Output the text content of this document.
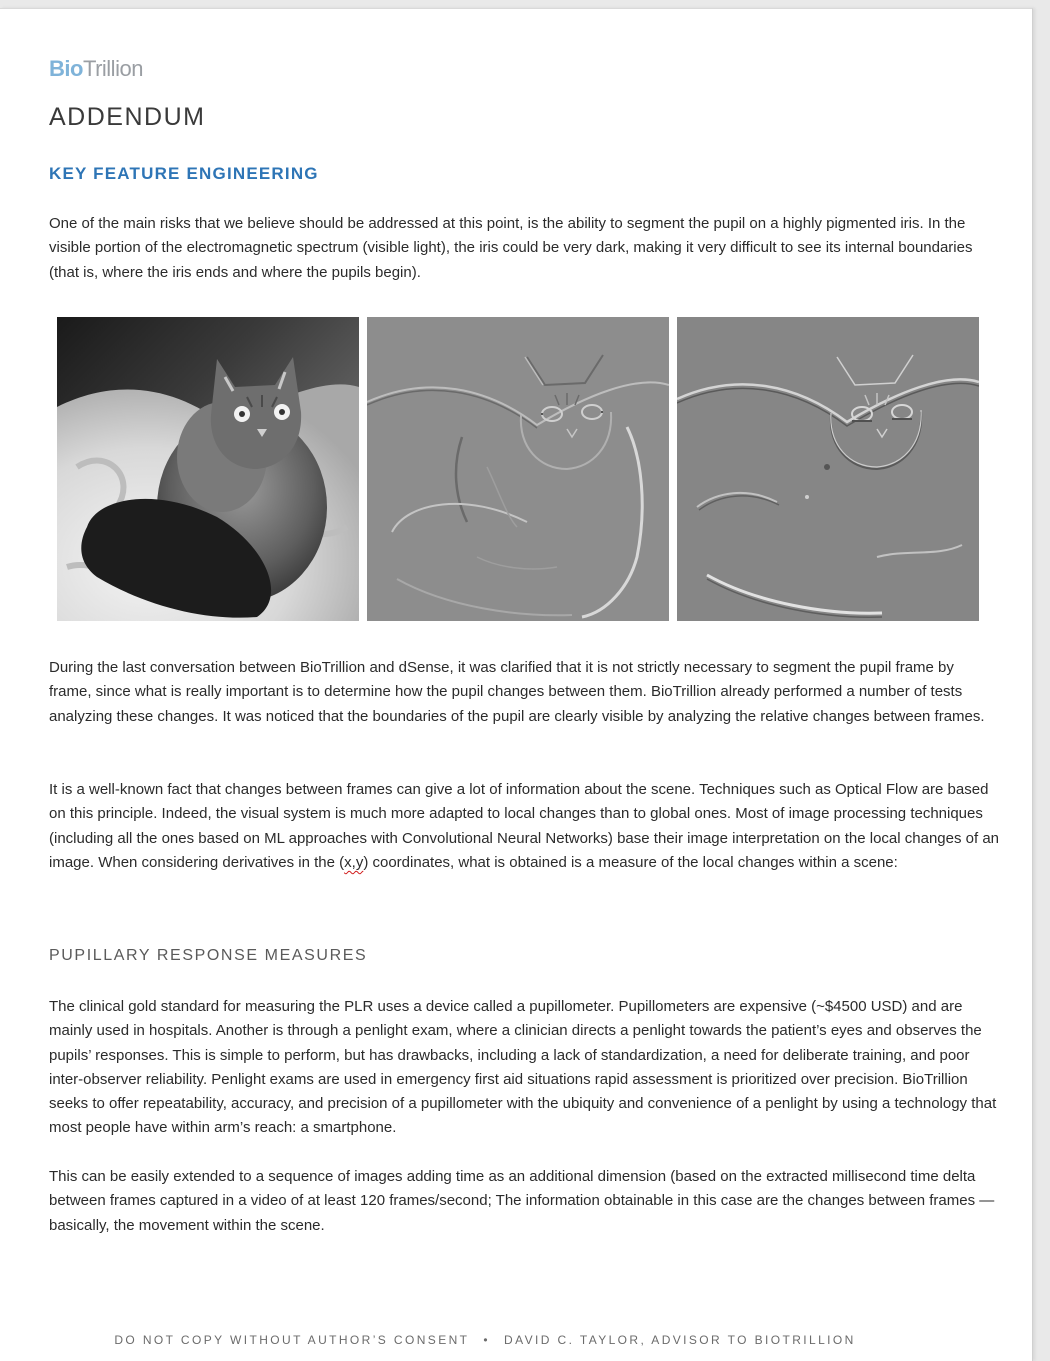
BioTrillion
ADDENDUM
KEY FEATURE ENGINEERING
One of the main risks that we believe should be addressed at this point, is the ability to segment the pupil on a highly pigmented iris. In the visible portion of the electromagnetic spectrum (visible light), the iris could be very dark, making it very difficult to see its internal boundaries (that is, where the iris ends and where the pupils begin).
During the last conversation between BioTrillion and dSense, it was clarified that it is not strictly necessary to segment the pupil frame by frame, since what is really important is to determine how the pupil changes between them. BioTrillion already performed a number of tests analyzing these changes. It was noticed that the boundaries of the pupil are clearly visible by analyzing the relative changes between frames.
It is a well-known fact that changes between frames can give a lot of information about the scene. Techniques such as Optical Flow are based on this principle. Indeed, the visual system is much more adapted to local changes than to global ones. Most of image processing techniques (including all the ones based on ML approaches with Convolutional Neural Networks) base their image interpretation on the local changes of an image. When considering derivatives in the (x,y) coordinates, what is obtained is a measure of the local changes within a scene:
PUPILLARY RESPONSE MEASURES
The clinical gold standard for measuring the PLR uses a device called a pupillometer. Pupillometers are expensive (~$4500 USD) and are mainly used in hospitals. Another is through a penlight exam, where a clinician directs a penlight towards the patient’s eyes and observes the pupils’ responses. This is simple to perform, but has drawbacks, including a lack of standardization, a need for deliberate training, and poor inter-observer reliability. Penlight exams are used in emergency first aid situations rapid assessment is prioritized over precision. BioTrillion seeks to offer repeatability, accuracy, and precision of a pupillometer with the ubiquity and convenience of a penlight by using a technology that most people have within arm’s reach: a smartphone.
This can be easily extended to a sequence of images adding time as an additional dimension (based on the extracted millisecond time delta between frames captured in a video of at least 120 frames/second; The information obtainable in this case are the changes between frames —basically, the movement within the scene.
DO NOT COPY WITHOUT AUTHOR’S CONSENT • DAVID C. TAYLOR, ADVISOR TO BIOTRILLION
